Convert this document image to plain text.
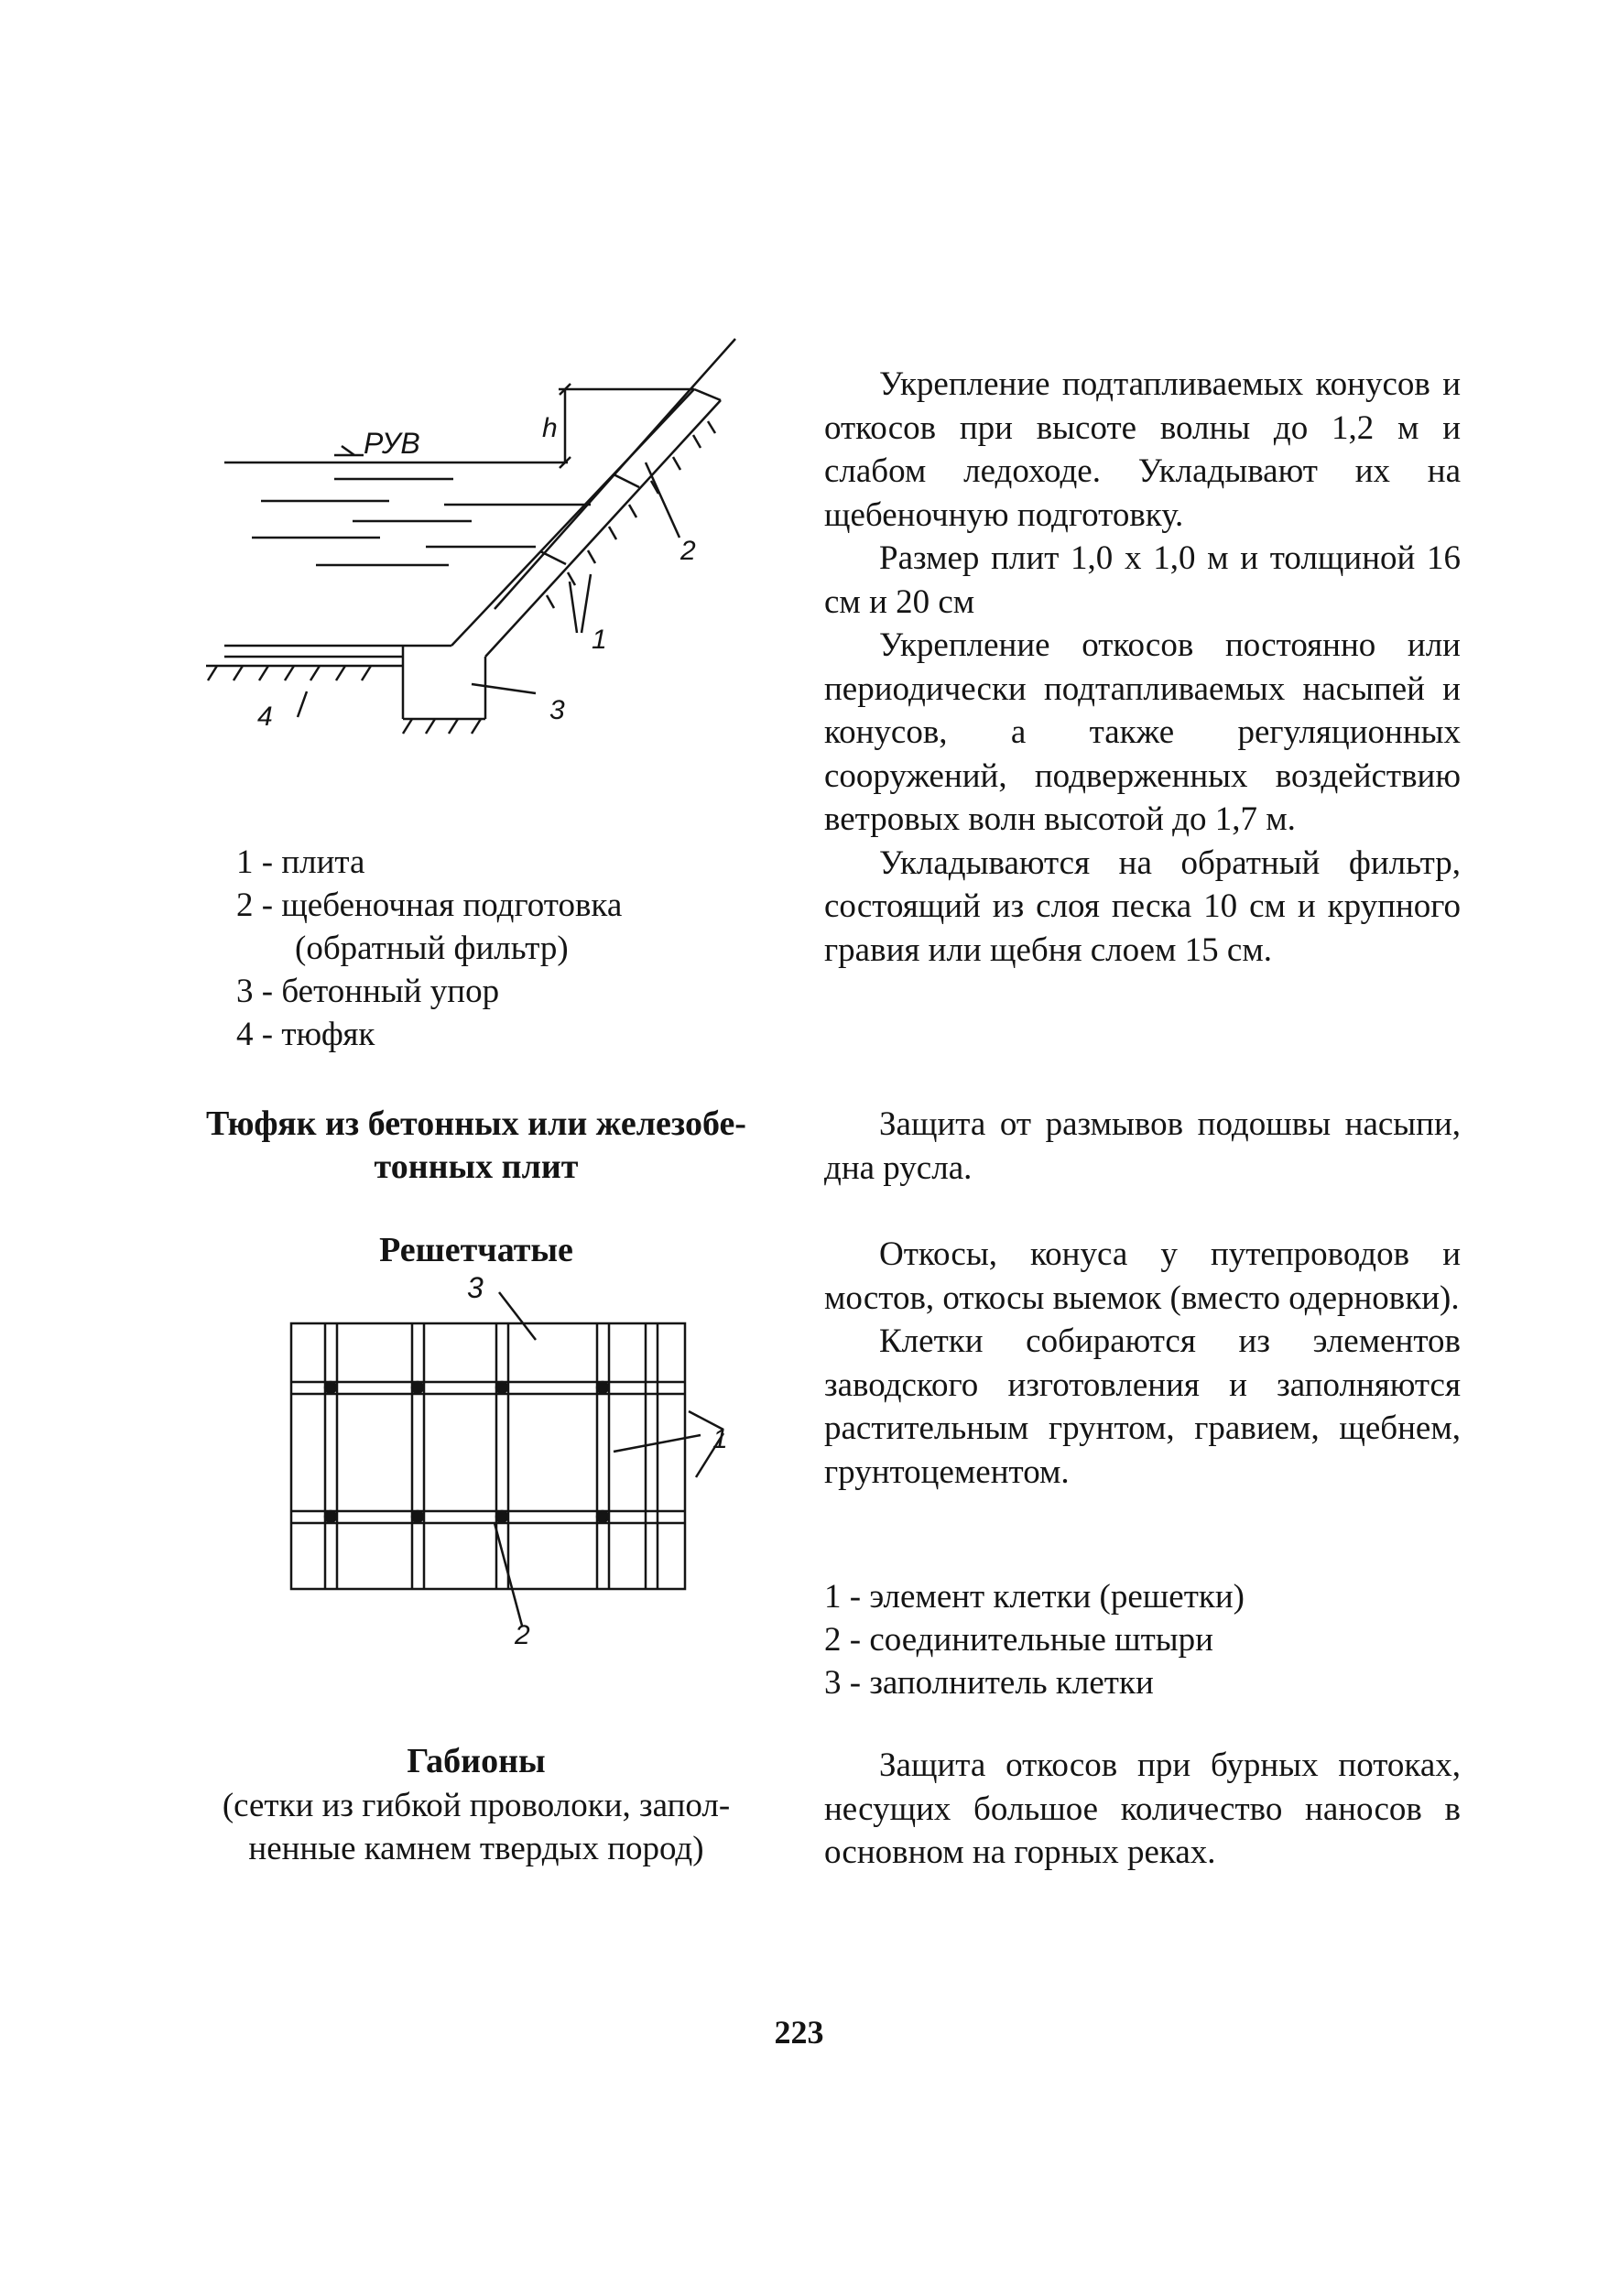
РУВ	h
1
2
3
4
1 - плита
2 - щебеночная подготовка
(обратный фильтр)
3 - бетонный упор
4 - тюфяк

Укрепление подтапливаемых конусов и откосов при высоте волны до 1,2 м и слабом ледоходе. Укладывают их на щебеночную подготовку.

Размер плит 1,0 х 1,0 м и толщиной 16 см и 20 см

Укрепление откосов постоянно или периодически подтапливаемых насыпей и конусов, а также регуляционных сооружений, подверженных воздействию ветровых волн высотой до 1,7 м.

Укладываются на обратный фильтр, состоящий из слоя песка 10 см и крупного гравия или щебня слоем 15 см.

Тюфяк из бетонных или железобе-
тонных плит

Защита от размывов подошвы насыпи, дна русла.

Решетчатые
3
1
2

Откосы, конуса у путепроводов и мостов, откосы выемок (вместо одерновки).

Клетки собираются из элементов заводского изготовления и заполняются растительным грунтом, гравием, щебнем, грунтоцементом.

1 - элемент клетки (решетки)
2 - соединительные штыри
3 - заполнитель клетки
Габионы
(сетки из гибкой проволоки, запол-
ненные камнем твердых пород)

Защита откосов при бурных потоках, несущих большое количество наносов в основном на горных реках.

223
